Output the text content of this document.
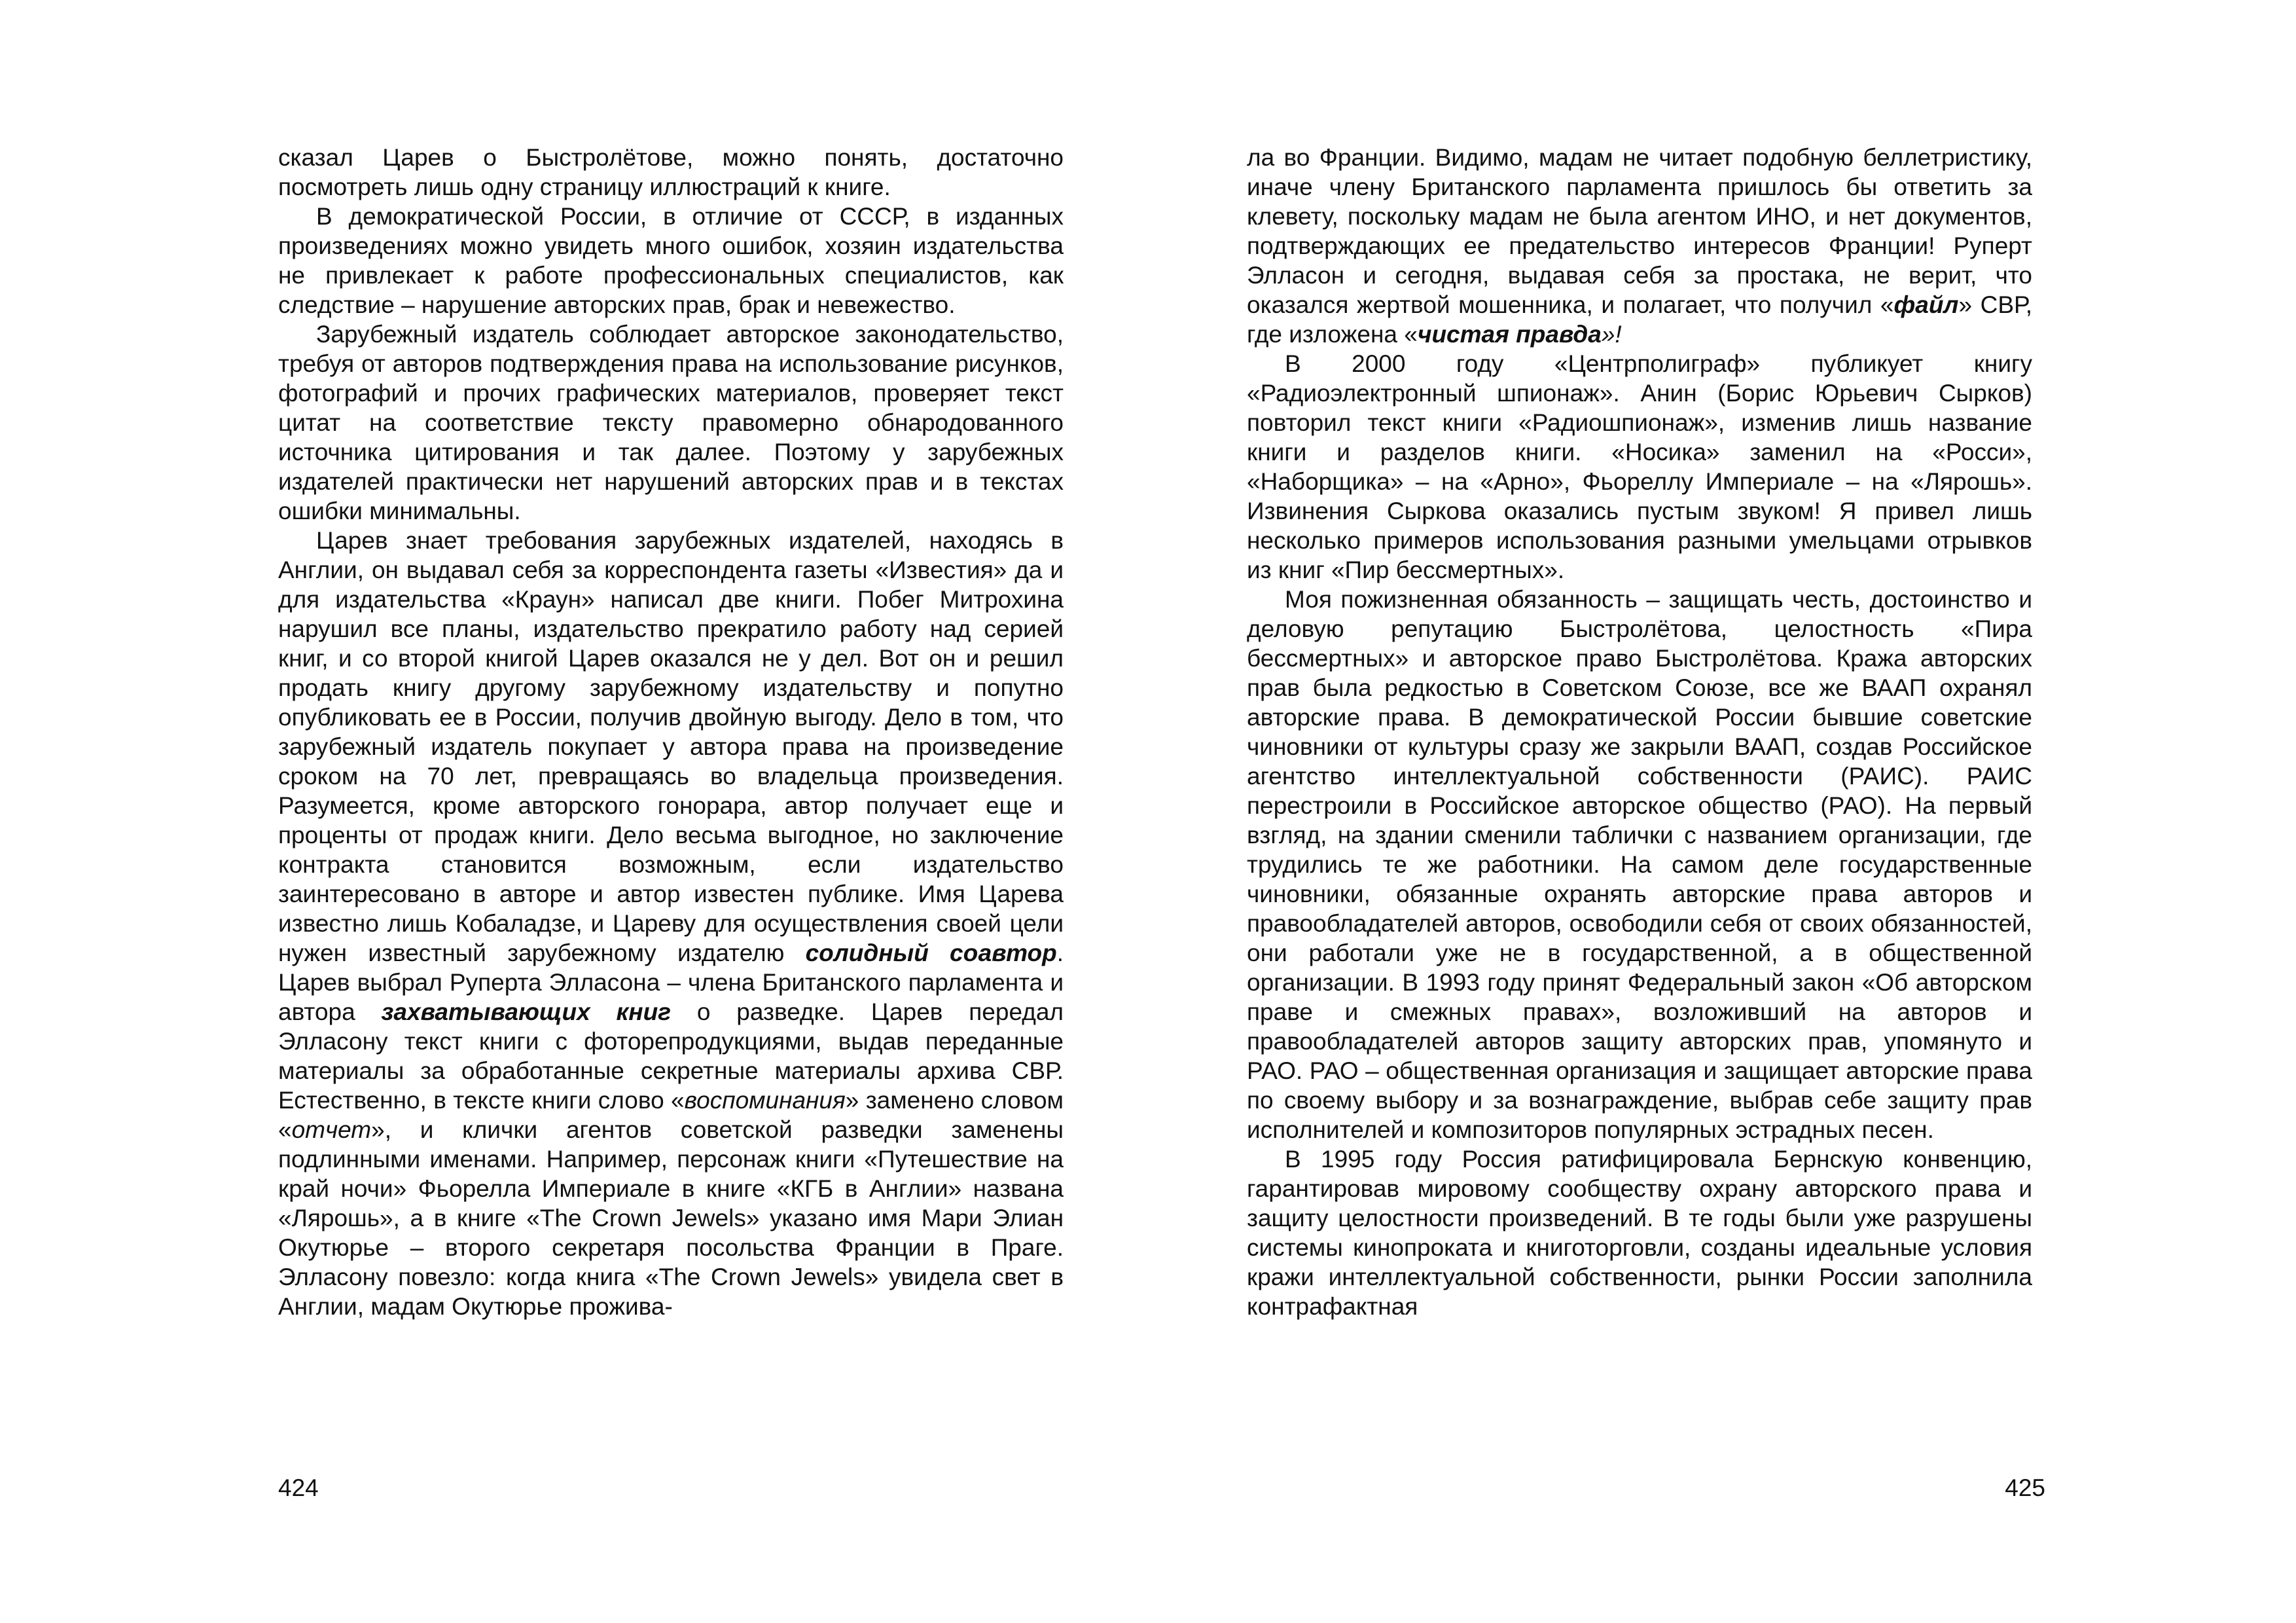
сказал Царев о Быстролётове, можно понять, достаточно посмотреть лишь одну страницу иллюстраций к книге.

В демократической России, в отличие от СССР, в изданных произведениях можно увидеть много ошибок, хозяин издательства не привлекает к работе профессиональных специалистов, как следствие – нарушение авторских прав, брак и невежество.

Зарубежный издатель соблюдает авторское законодательство, требуя от авторов подтверждения права на использование рисунков, фотографий и прочих графических материалов, проверяет текст цитат на соответствие тексту правомерно обнародованного источника цитирования и так далее. Поэтому у зарубежных издателей практически нет нарушений авторских прав и в текстах ошибки минимальны.

Царев знает требования зарубежных издателей, находясь в Англии, он выдавал себя за корреспондента газеты «Известия» да и для издательства «Краун» написал две книги. Побег Митрохина нарушил все планы, издательство прекратило работу над серией книг, и со второй книгой Царев оказался не у дел. Вот он и решил продать книгу другому зарубежному издательству и попутно опубликовать ее в России, получив двойную выгоду. Дело в том, что зарубежный издатель покупает у автора права на произведение сроком на 70 лет, превращаясь во владельца произведения. Разумеется, кроме авторского гонорара, автор получает еще и проценты от продаж книги. Дело весьма выгодное, но заключение контракта становится возможным, если издательство заинтересовано в авторе и автор известен публике. Имя Царева известно лишь Кобаладзе, и Цареву для осуществления своей цели нужен известный зарубежному издателю солидный соавтор. Царев выбрал Руперта Элласона – члена Британского парламента и автора захватывающих книг о разведке. Царев передал Элласону текст книги с фоторепродукциями, выдав переданные материалы за обработанные секретные материалы архива СВР. Естественно, в тексте книги слово «воспоминания» заменено словом «отчет», и клички агентов советской разведки заменены подлинными именами. Например, персонаж книги «Путешествие на край ночи» Фьорелла Империале в книге «КГБ в Англии» названа «Лярошь», а в книге «The Crown Jewels» указано имя Мари Элиан Окутюрье – второго секретаря посольства Франции в Праге. Элласону повезло: когда книга «The Crown Jewels» увидела свет в Англии, мадам Окутюрье прожива-

424

ла во Франции. Видимо, мадам не читает подобную беллетристику, иначе члену Британского парламента пришлось бы ответить за клевету, поскольку мадам не была агентом ИНО, и нет документов, подтверждающих ее предательство интересов Франции! Руперт Элласон и сегодня, выдавая себя за простака, не верит, что оказался жертвой мошенника, и полагает, что получил «файл» СВР, где изложена «чистая правда»!

В 2000 году «Центрполиграф» публикует книгу «Радиоэлектронный шпионаж». Анин (Борис Юрьевич Сырков) повторил текст книги «Радиошпионаж», изменив лишь название книги и разделов книги. «Носика» заменил на «Росси», «Наборщика» – на «Арно», Фьореллу Империале – на «Лярошь». Извинения Сыркова оказались пустым звуком! Я привел лишь несколько примеров использования разными умельцами отрывков из книг «Пир бессмертных».

Моя пожизненная обязанность – защищать честь, достоинство и деловую репутацию Быстролётова, целостность «Пира бессмертных» и авторское право Быстролётова. Кража авторских прав была редкостью в Советском Союзе, все же ВААП охранял авторские права. В демократической России бывшие советские чиновники от культуры сразу же закрыли ВААП, создав Российское агентство интеллектуальной собственности (РАИС). РАИС перестроили в Российское авторское общество (РАО). На первый взгляд, на здании сменили таблички с названием организации, где трудились те же работники. На самом деле государственные чиновники, обязанные охранять авторские права авторов и правообладателей авторов, освободили себя от своих обязанностей, они работали уже не в государственной, а в общественной организации. В 1993 году принят Федеральный закон «Об авторском праве и смежных правах», возложивший на авторов и правообладателей авторов защиту авторских прав, упомянуто и РАО. РАО – общественная организация и защищает авторские права по своему выбору и за вознаграждение, выбрав себе защиту прав исполнителей и композиторов популярных эстрадных песен.

В 1995 году Россия ратифицировала Бернскую конвенцию, гарантировав мировому сообществу охрану авторского права и защиту целостности произведений. В те годы были уже разрушены системы кинопроката и книготорговли, созданы идеальные условия кражи интеллектуальной собственности, рынки России заполнила контрафактная

425
